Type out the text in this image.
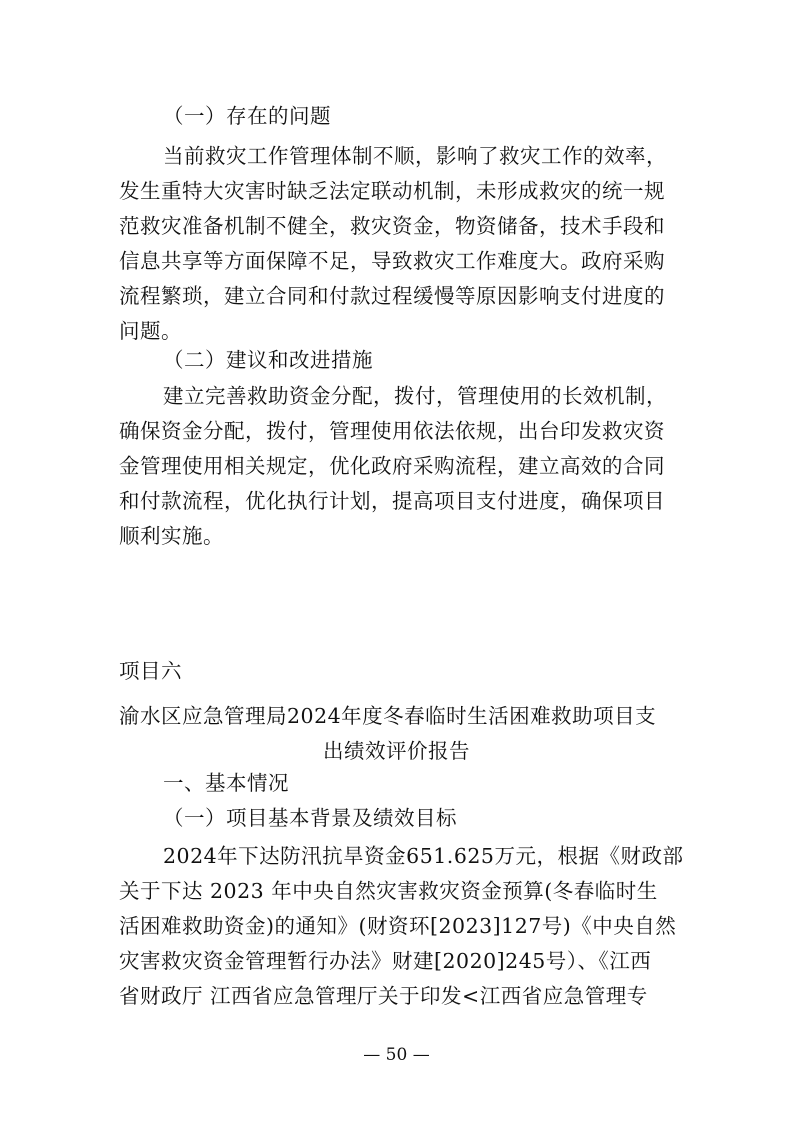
（一）存在的问题

当前救灾工作管理体制不顺，影响了救灾工作的效率，

发生重特大灾害时缺乏法定联动机制，未形成救灾的统一规

范救灾准备机制不健全，救灾资金，物资储备，技术手段和

信息共享等方面保障不足，导致救灾工作难度大。政府采购

流程繁琐，建立合同和付款过程缓慢等原因影响支付进度的

问题。

（二）建议和改进措施

建立完善救助资金分配，拨付，管理使用的长效机制，

确保资金分配，拨付，管理使用依法依规，出台印发救灾资

金管理使用相关规定，优化政府采购流程，建立高效的合同

和付款流程，优化执行计划，提高项目支付进度，确保项目

顺利实施。

项目六

渝水区应急管理局2024年度冬春临时生活困难救助项目支

出绩效评价报告

一、基本情况

（一）项目基本背景及绩效目标

2024年下达防汛抗旱资金651.625万元，根据《财政部

关于下达 2023 年中央自然灾害救灾资金预算(冬春临时生

活困难救助资金)的通知》(财资环[2023]127号)《中央自然

灾害救灾资金管理暂行办法》财建[2020]245号）、《江西

省财政厅 江西省应急管理厅关于印发<江西省应急管理专

— 50 —
